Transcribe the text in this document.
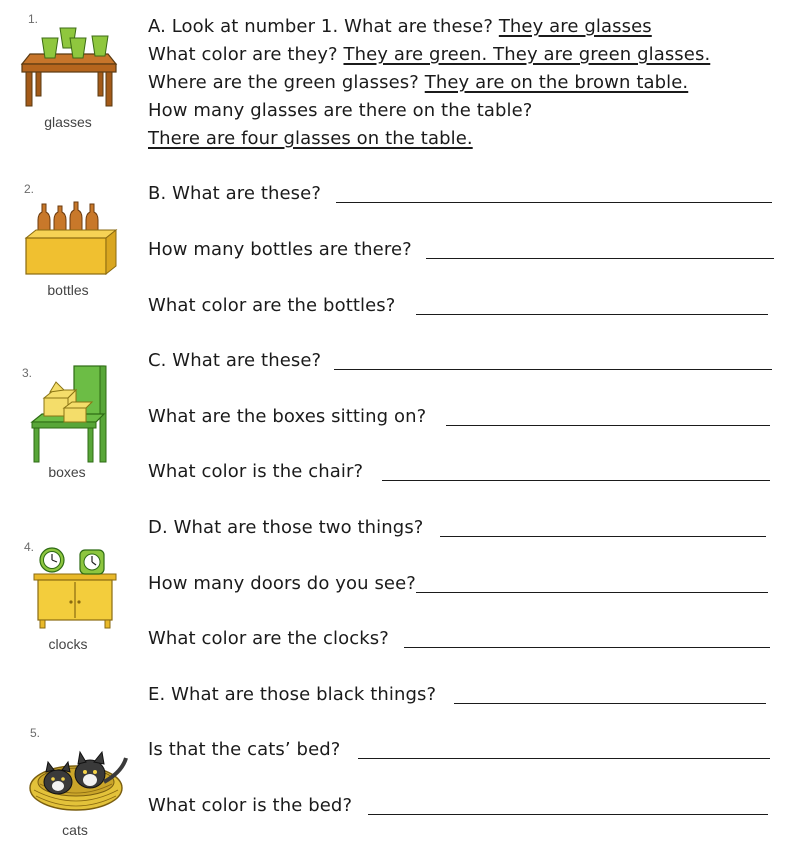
1.
2.
3.
4.
5.
glasses
bottles
boxes
clocks
cats
A. Look at number 1. What are these? They are glasses
What color are they? They are green. They are green glasses.
Where are the green glasses? They are on the brown table.
How many glasses are there on the table?
There are four glasses on the table.
B. What are these?
How many bottles are there?
What color are the bottles?
C. What are these?
What are the boxes sitting on?
What color is the chair?
D. What are those two things?
How many doors do you see?
What color are the clocks?
E. What are those black things?
Is that the cats’ bed?
What color is the bed?
